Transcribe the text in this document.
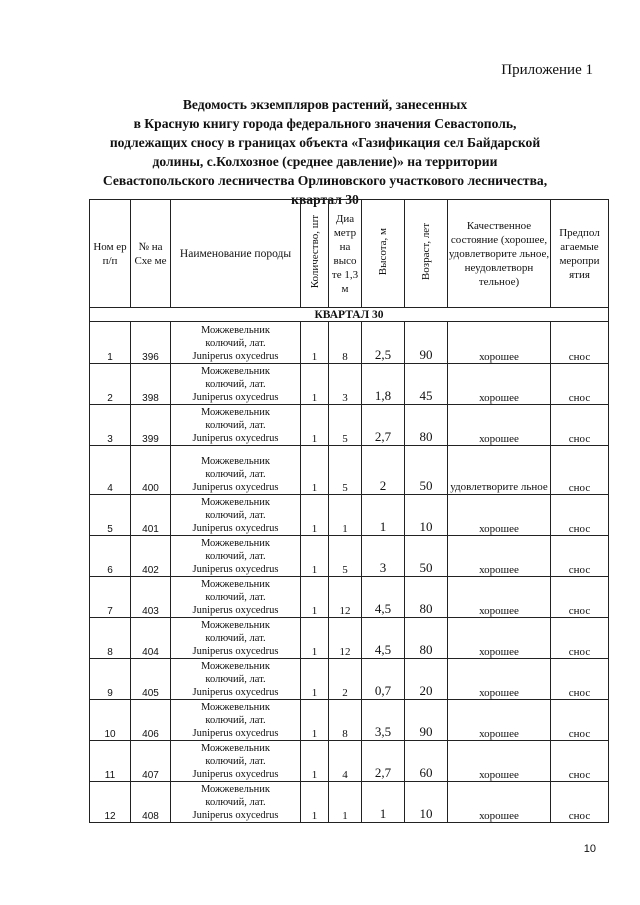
Приложение 1
Ведомость экземпляров растений, занесенных
в Красную книгу города федерального значения Севастополь,
подлежащих сносу в границах объекта «Газификация сел Байдарской
долины, с.Колхозное (среднее давление)» на территории
Севастопольского лесничества Орлиновского участкового лесничества,
квартал 30
Ном ер п/п	№ на Схе ме	Наименование породы	Количество, шт	Диа метр на высо те 1,3 м	Высота, м	Возраст, лет	Качественное состояние (хорошее, удовлетворите льное, неудовлетворн тельное)	Предпол агаемые меропри ятия
КВАРТАЛ 30								
1	396	Можжевельник
колючий, лат.
Juniperus oxycedrus	1	8	2,5	90	хорошее	снос
2	398	Можжевельник
колючий, лат.
Juniperus oxycedrus	1	3	1,8	45	хорошее	снос
3	399	Можжевельник
колючий, лат.
Juniperus oxycedrus	1	5	2,7	80	хорошее	снос
4	400	Можжевельник
колючий, лат.
Juniperus oxycedrus	1	5	2	50	удовлетворите льное	снос
5	401	Можжевельник
колючий, лат.
Juniperus oxycedrus	1	1	1	10	хорошее	снос
6	402	Можжевельник
колючий, лат.
Juniperus oxycedrus	1	5	3	50	хорошее	снос
7	403	Можжевельник
колючий, лат.
Juniperus oxycedrus	1	12	4,5	80	хорошее	снос
8	404	Можжевельник
колючий, лат.
Juniperus oxycedrus	1	12	4,5	80	хорошее	снос
9	405	Можжевельник
колючий, лат.
Juniperus oxycedrus	1	2	0,7	20	хорошее	снос
10	406	Можжевельник
колючий, лат.
Juniperus oxycedrus	1	8	3,5	90	хорошее	снос
11	407	Можжевельник
колючий, лат.
Juniperus oxycedrus	1	4	2,7	60	хорошее	снос
12	408	Можжевельник
колючий, лат.
Juniperus oxycedrus	1	1	1	10	хорошее	снос
10
